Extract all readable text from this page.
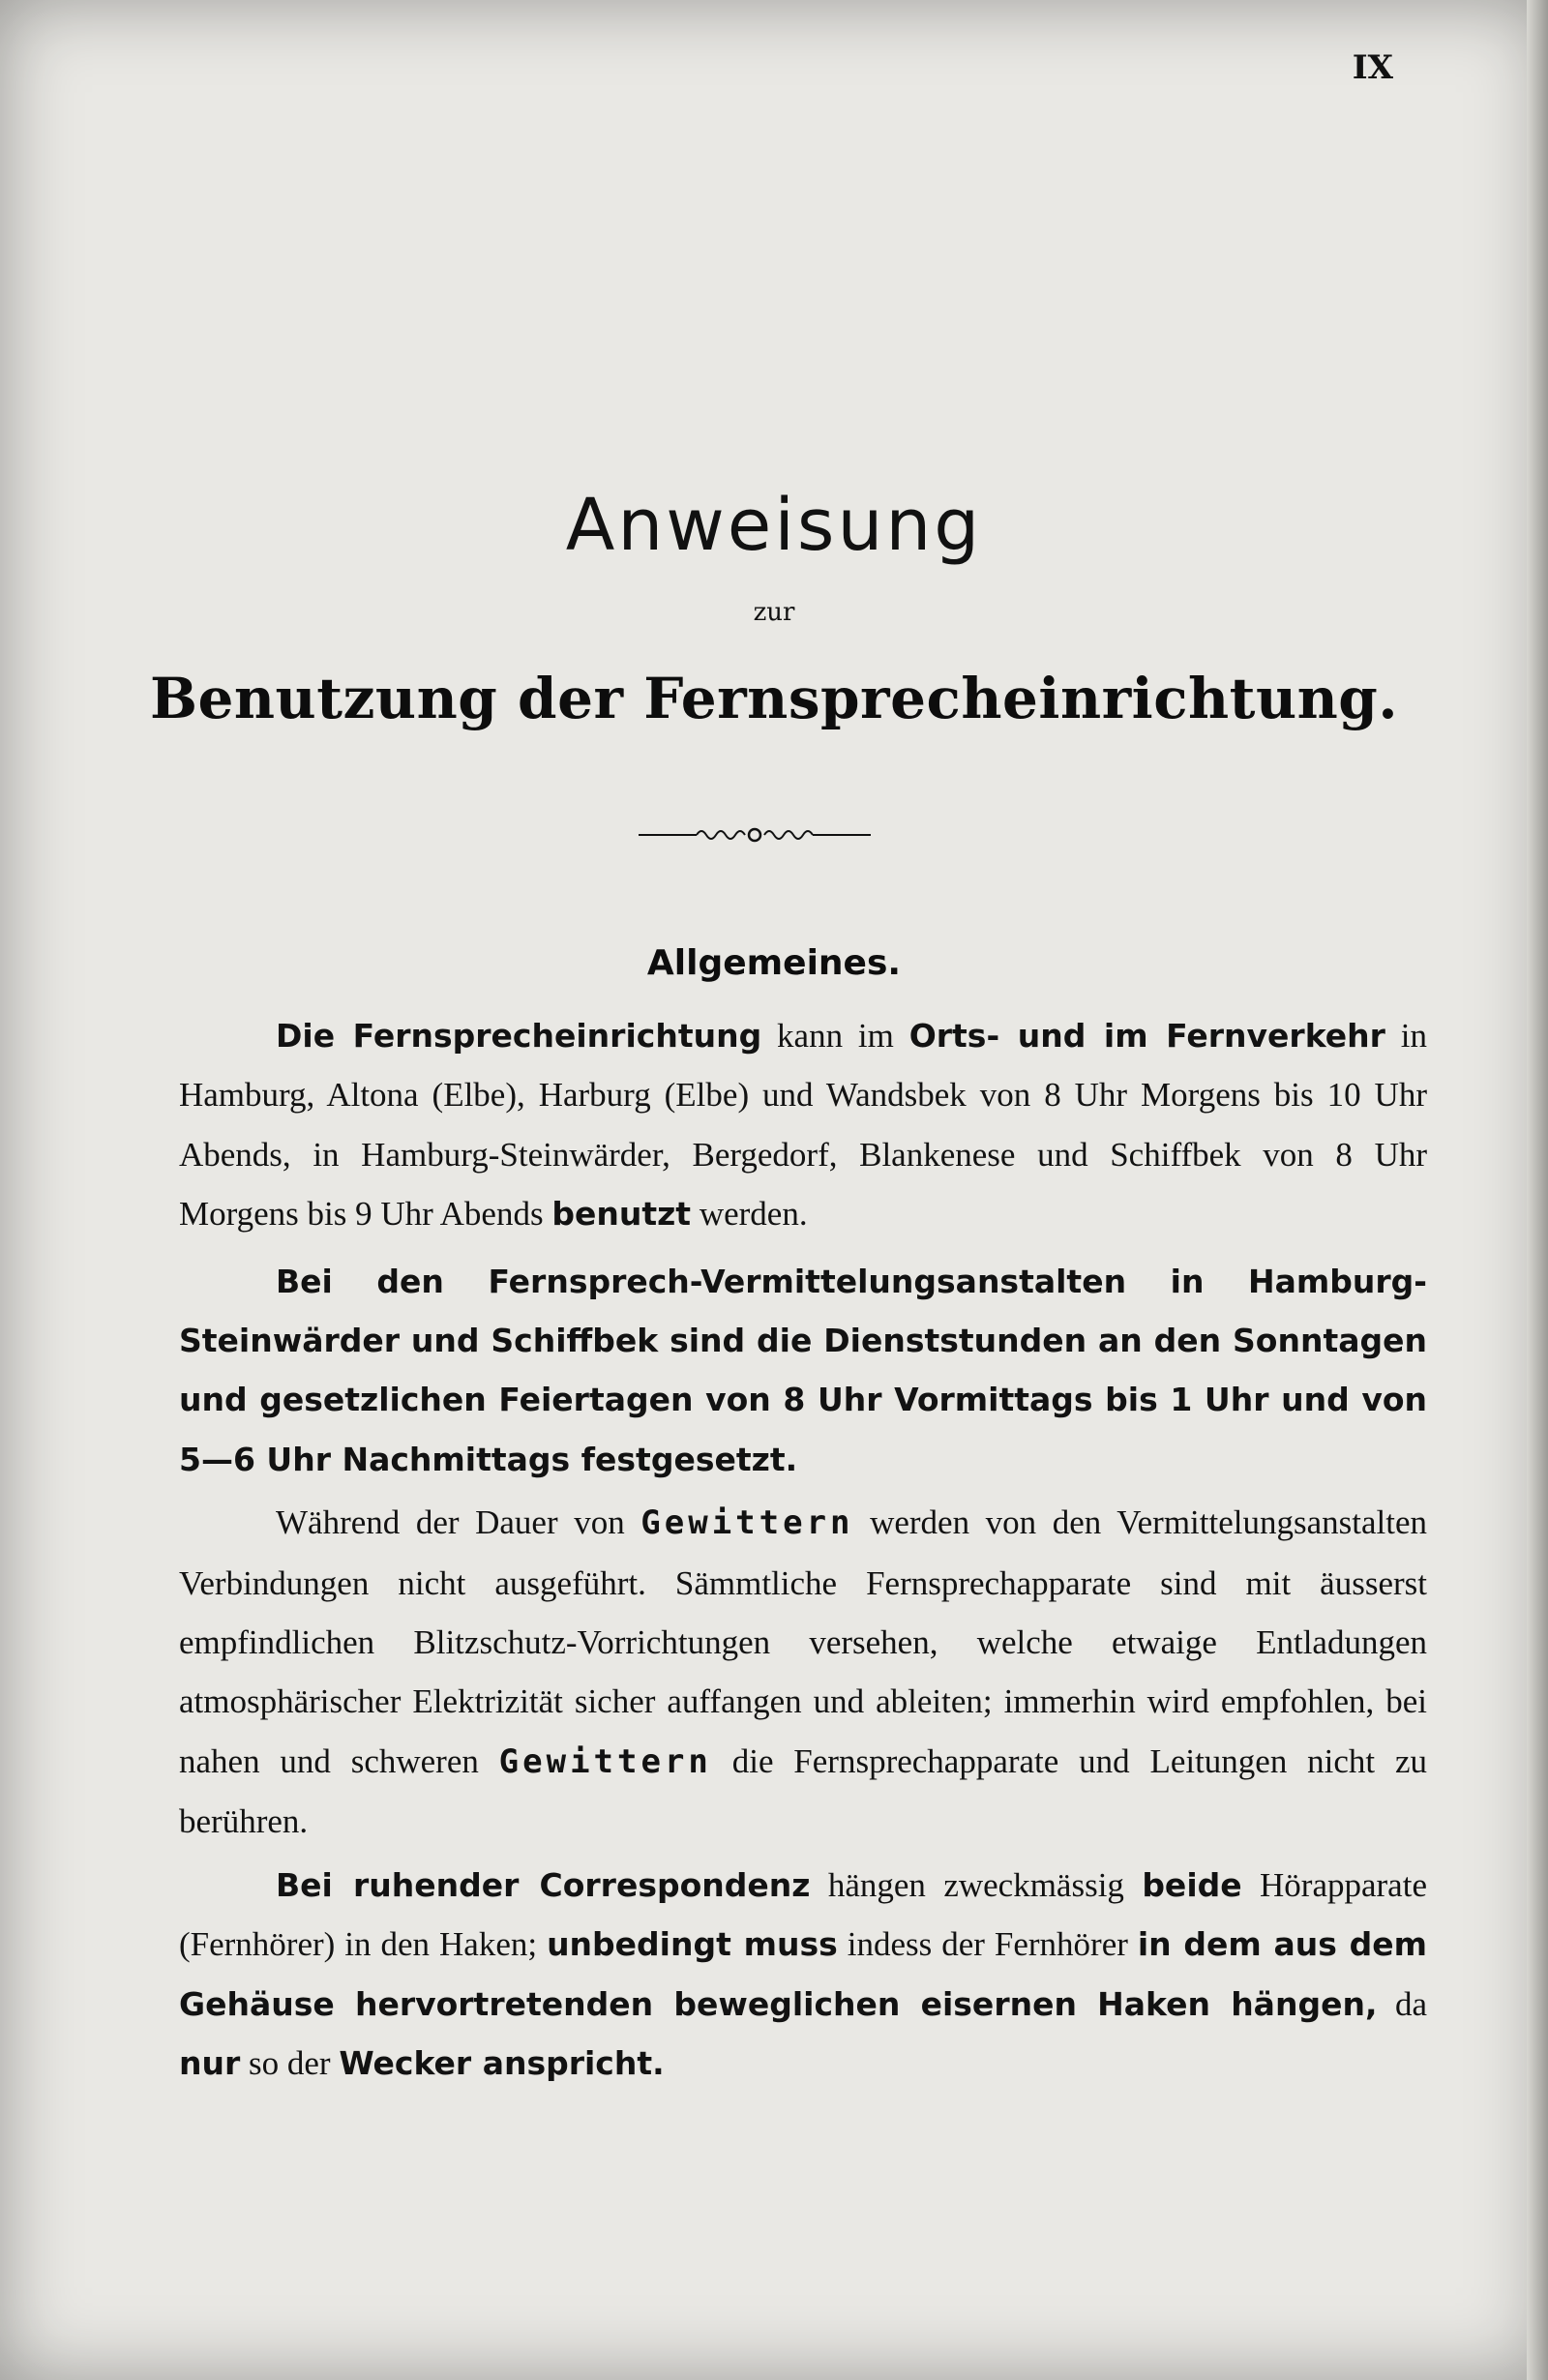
IX
Anweisung
zur
Benutzung der Fernsprecheinrichtung.
Allgemeines.

Die Fernsprecheinrichtung kann im Orts- und im Fernverkehr in Hamburg, Altona (Elbe), Harburg (Elbe) und Wandsbek von 8 Uhr Morgens bis 10 Uhr Abends, in Hamburg-Steinwärder, Bergedorf, Blankenese und Schiffbek von 8 Uhr Morgens bis 9 Uhr Abends benutzt werden.

Bei den Fernsprech-Vermittelungsanstalten in Hamburg-Steinwärder und Schiffbek sind die Dienststunden an den Sonntagen und gesetzlichen Feiertagen von 8 Uhr Vormittags bis 1 Uhr und von 5—6 Uhr Nachmittags festgesetzt.

Während der Dauer von Gewittern werden von den Vermittelungsanstalten Verbindungen nicht ausgeführt. Sämmtliche Fernsprechapparate sind mit äusserst empfindlichen Blitzschutz-Vorrichtungen versehen, welche etwaige Entladungen atmosphärischer Elektrizität sicher auffangen und ableiten; immerhin wird empfohlen, bei nahen und schweren Gewittern die Fernsprechapparate und Leitungen nicht zu berühren.

Bei ruhender Correspondenz hängen zweckmässig beide Hörapparate (Fernhörer) in den Haken; unbedingt muss indess der Fernhörer in dem aus dem Gehäuse hervortretenden beweglichen eisernen Haken hängen, da nur so der Wecker anspricht.
